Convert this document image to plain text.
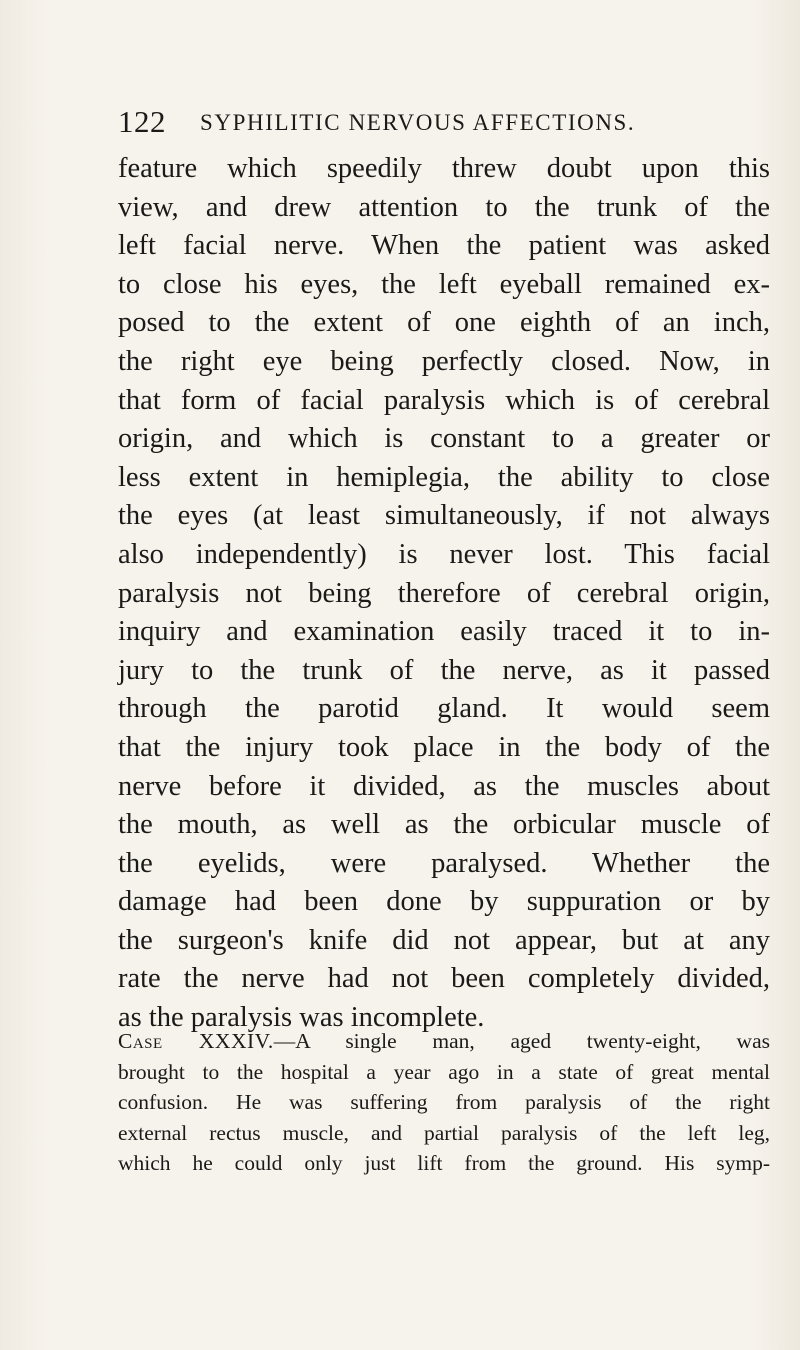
122 SYPHILITIC NERVOUS AFFECTIONS.
feature which speedily threw doubt upon this
view, and drew attention to the trunk of the
left facial nerve. When the patient was asked
to close his eyes, the left eyeball remained ex-
posed to the extent of one eighth of an inch,
the right eye being perfectly closed. Now, in
that form of facial paralysis which is of cerebral
origin, and which is constant to a greater or
less extent in hemiplegia, the ability to close
the eyes (at least simultaneously, if not always
also independently) is never lost. This facial
paralysis not being therefore of cerebral origin,
inquiry and examination easily traced it to in-
jury to the trunk of the nerve, as it passed
through the parotid gland. It would seem
that the injury took place in the body of the
nerve before it divided, as the muscles about
the mouth, as well as the orbicular muscle of
the eyelids, were paralysed. Whether the
damage had been done by suppuration or by
the surgeon's knife did not appear, but at any
rate the nerve had not been completely divided,
as the paralysis was incomplete.
Case XXXIV.—A single man, aged twenty-eight, was
brought to the hospital a year ago in a state of great mental
confusion. He was suffering from paralysis of the right
external rectus muscle, and partial paralysis of the left leg,
which he could only just lift from the ground. His symp-
